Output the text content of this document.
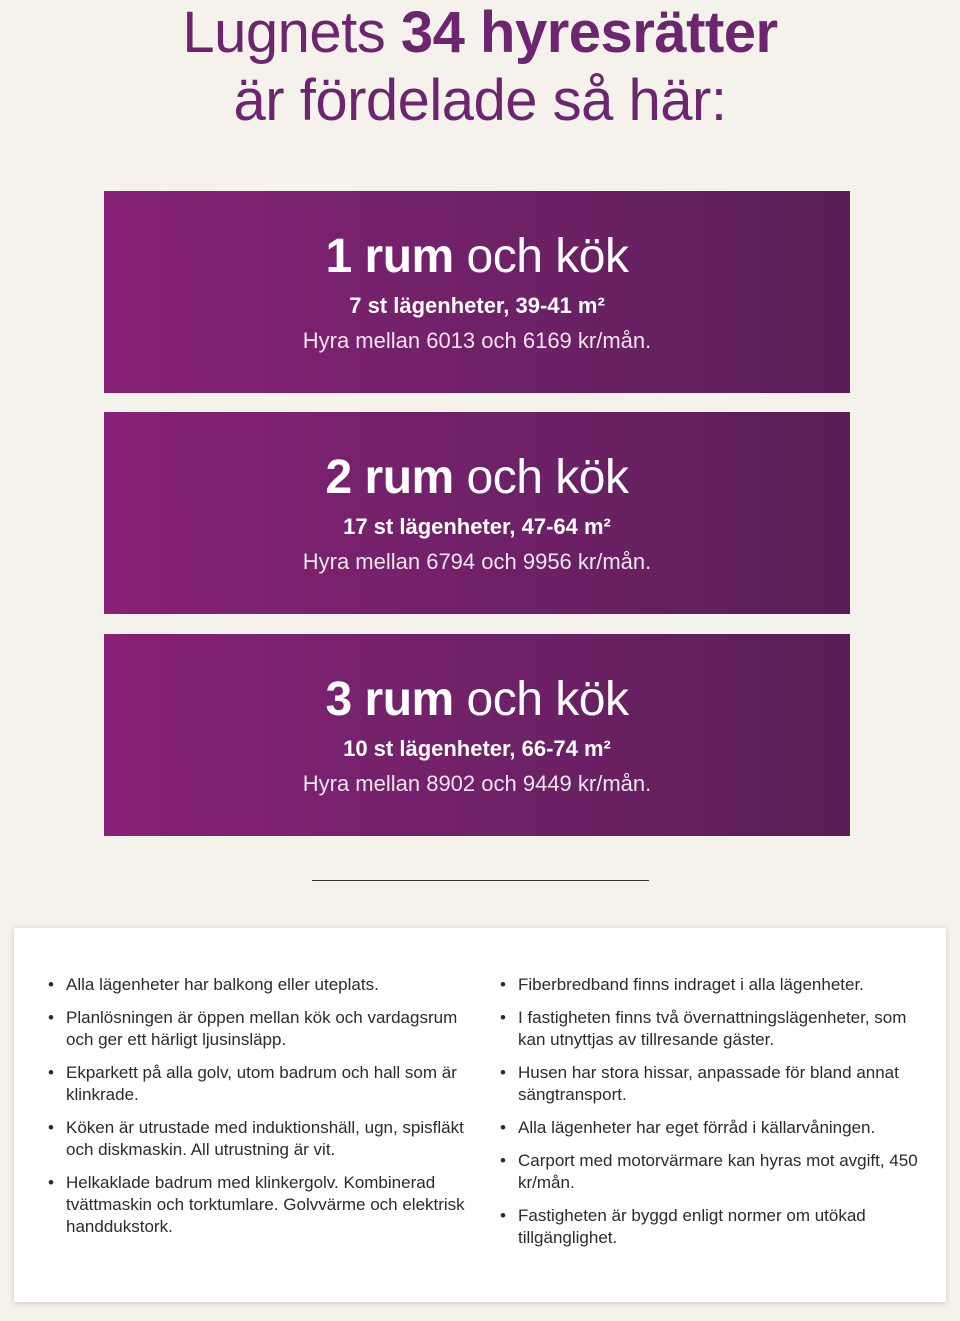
Lugnets 34 hyresrätter
är fördelade så här:
1 rum och kök
7 st lägenheter, 39-41 m²
Hyra mellan 6013 och 6169 kr/mån.
2 rum och kök
17 st lägenheter, 47-64 m²
Hyra mellan 6794 och 9956 kr/mån.
3 rum och kök
10 st lägenheter, 66-74 m²
Hyra mellan 8902 och 9449 kr/mån.
• Alla lägenheter har balkong eller uteplats.
• Planlösningen är öppen mellan kök och vardagsrum och ger ett härligt ljusinsläpp.
• Ekparkett på alla golv, utom badrum och hall som är klinkrade.
• Köken är utrustade med induktionshäll, ugn, spisfläkt och diskmaskin. All utrustning är vit.
• Helkaklade badrum med klinkergolv. Kombinerad tvättmaskin och torktumlare. Golvvärme och elektrisk handdukstork.
• Fiberbredband finns indraget i alla lägenheter.
• I fastigheten finns två övernattningslägenheter, som kan utnyttjas av tillresande gäster.
• Husen har stora hissar, anpassade för bland annat sängtransport.
• Alla lägenheter har eget förråd i källarvåningen.
• Carport med motorvärmare kan hyras mot avgift, 450 kr/mån.
• Fastigheten är byggd enligt normer om utökad tillgänglighet.
